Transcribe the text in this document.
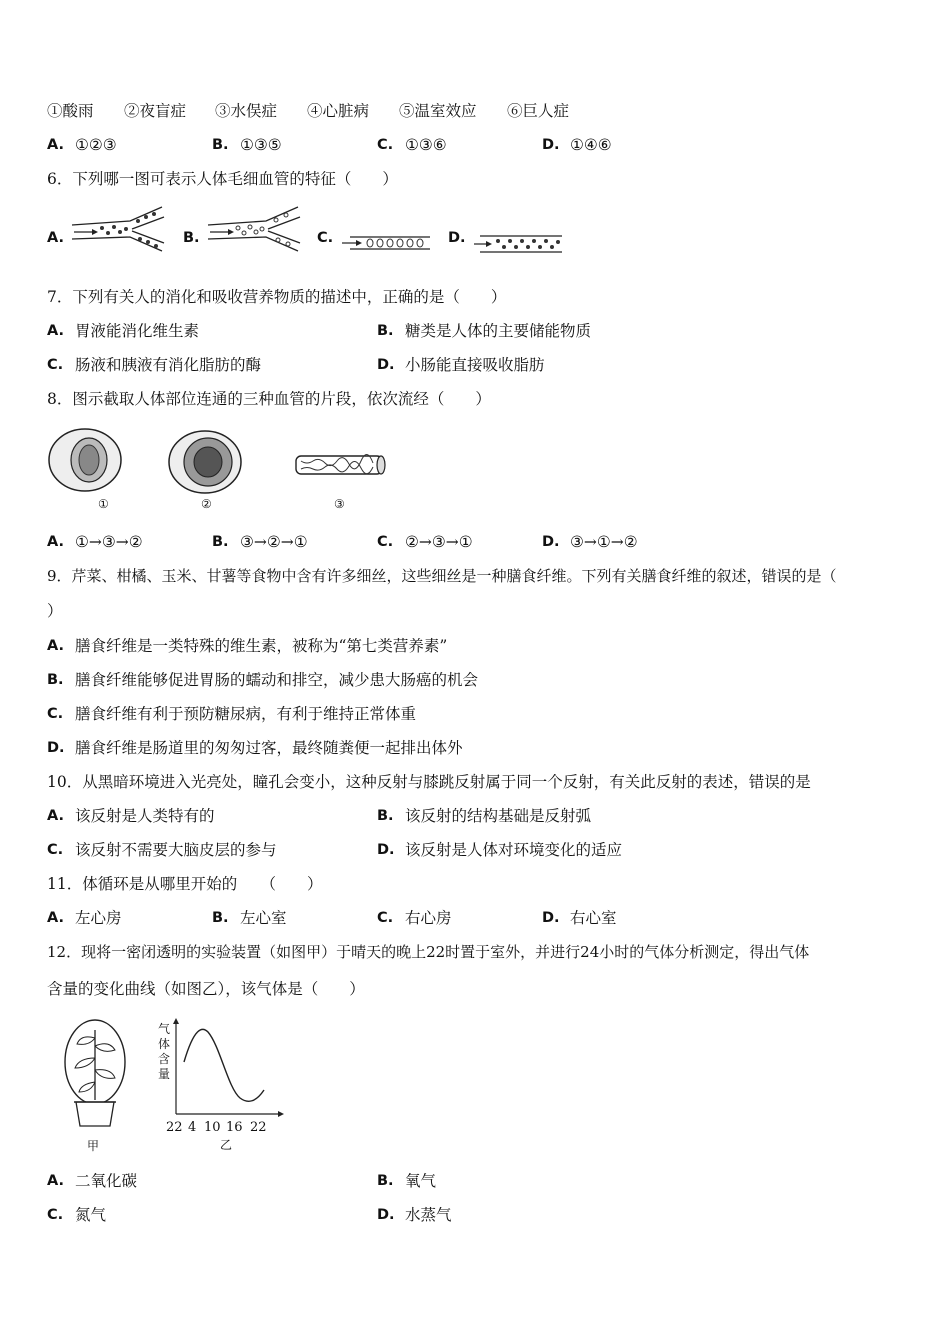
①酸雨 ②夜盲症 ③水俣症 ④心脏病 ⑤温室效应 ⑥巨人症
A. ①②③	B. ①③⑤	C. ①③⑥	D. ①④⑥
6．下列哪一图可表示人体毛细血管的特征（　　）
A.	B.	C.	D.
7．下列有关人的消化和吸收营养物质的描述中，正确的是（　　）
A. 胃液能消化维生素	B. 糖类是人体的主要储能物质
C. 肠液和胰液有消化脂肪的酶	D. 小肠能直接吸收脂肪
8．图示截取人体部位连通的三种血管的片段，依次流经（　　）
①	②	③
A. ①→③→②	B. ③→②→①	C. ②→③→①	D. ③→①→②
9．芹菜、柑橘、玉米、甘薯等食物中含有许多细丝，这些细丝是一种膳食纤维。下列有关膳食纤维的叙述，错误的是（
）
A. 膳食纤维是一类特殊的维生素，被称为“第七类营养素”
B. 膳食纤维能够促进胃肠的蠕动和排空，减少患大肠癌的机会
C. 膳食纤维有利于预防糖尿病，有利于维持正常体重
D. 膳食纤维是肠道里的匆匆过客，最终随粪便一起排出体外
10．从黑暗环境进入光亮处，瞳孔会变小，这种反射与膝跳反射属于同一个反射，有关此反射的表述，错误的是
A. 该反射是人类特有的	B. 该反射的结构基础是反射弧
C. 该反射不需要大脑皮层的参与	D. 该反射是人体对环境变化的适应
11．体循环是从哪里开始的　　（　　）
A. 左心房	B. 左心室	C. 右心房	D. 右心室
12．现将一密闭透明的实验装置（如图甲）于晴天的晚上22时置于室外，并进行24小时的气体分析测定，得出气体
含量的变化曲线（如图乙），该气体是（　　）
甲
气
体
含
量
22 4 10 16 22
乙
A. 二氧化碳	B. 氧气
C. 氮气	D. 水蒸气
